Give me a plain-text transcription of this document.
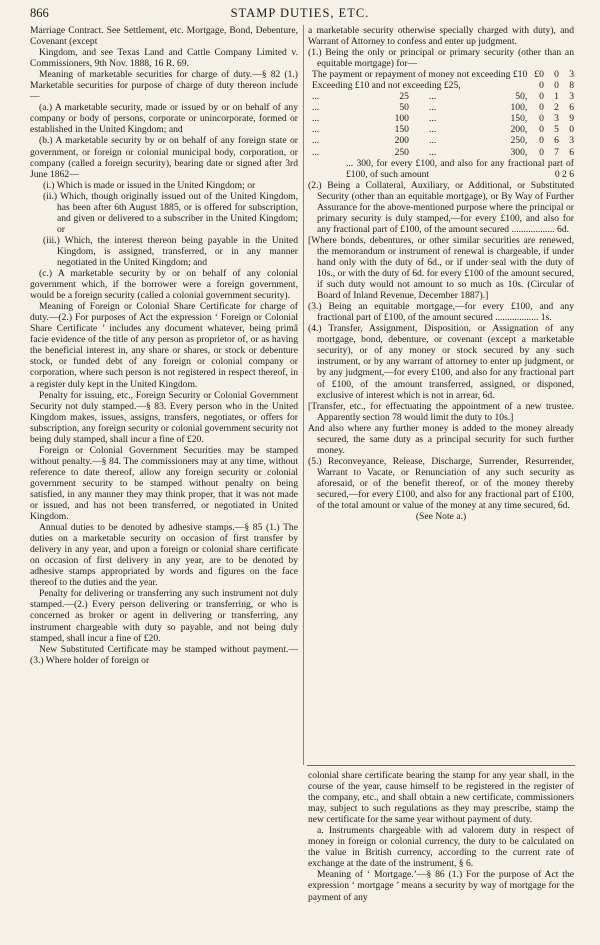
866	STAMP DUTIES, ETC.

Marriage Contract. See Settlement, etc. Mortgage, Bond, Debenture, Covenant (except

Kingdom, and see Texas Land and Cattle Company Limited v. Commissioners, 9th Nov. 1888, 16 R. 69.

Meaning of marketable securities for charge of duty.—§ 82 (1.) Marketable securities for purpose of charge of duty thereon include—

(a.) A marketable security, made or issued by or on behalf of any company or body of persons, corporate or unincorporate, formed or established in the United Kingdom; and

(b.) A marketable security by or on behalf of any foreign state or government, or foreign or colonial municipal body, corporation, or company (called a foreign security), bearing date or signed after 3rd June 1862—

(i.) Which is made or issued in the United Kingdom; or

(ii.) Which, though originally issued out of the United Kingdom, has been after 6th August 1885, or is offered for subscription, and given or delivered to a subscriber in the United Kingdom; or

(iii.) Which, the interest thereon being payable in the United Kingdom, is assigned, transferred, or in any manner negotiated in the United Kingdom; and

(c.) A marketable security by or on behalf of any colonial government which, if the borrower were a foreign government, would be a foreign security (called a colonial government security).

Meaning of Foreign or Colonial Share Certificate for charge of duty.—(2.) For purposes of Act the expression ‘ Foreign or Colonial Share Certificate ’ includes any document whatever, being primâ facie evidence of the title of any person as proprietor of, or as having the beneficial interest in, any share or shares, or stock or debenture stock, or funded debt of any foreign or colonial company or corporation, where such person is not registered in respect thereof, in a register duly kept in the United Kingdom.

Penalty for issuing, etc., Foreign Security or Colonial Government Security not duly stamped.—§ 83. Every person who in the United Kingdom makes, issues, assigns, transfers, negotiates, or offers for subscription, any foreign security or colonial government security not being duly stamped, shall incur a fine of £20.

Foreign or Colonial Government Securities may be stamped without penalty.—§ 84. The commissioners may at any time, without reference to date thereof, allow any foreign security or colonial government security to be stamped without penalty on being satisfied, in any manner they may think proper, that it was not made or issued, and has not been transferred, or negotiated in United Kingdom.

Annual duties to be denoted by adhesive stamps.—§ 85 (1.) The duties on a marketable security on occasion of first transfer by delivery in any year, and upon a foreign or colonial share certificate on occasion of first delivery in any year, are to be denoted by adhesive stamps appropriated by words and figures on the face thereof to the duties and the year.

Penalty for delivering or transferring any such instrument not duly stamped.—(2.) Every person delivering or transferring, or who is concerned as broker or agent in delivering or transferring, any instrument chargeable with duty so payable, and not being duly stamped, shall incur a fine of £20.

New Substituted Certificate may be stamped without payment.—(3.) Where holder of foreign or

a marketable security otherwise specially charged with duty), and Warrant of Attorney to confess and enter up judgment.

(1.) Being the only or principal or primary security (other than an equitable mortgage) for—

The payment or repayment of money not exceeding £10				£0	0	3
Exceeding £10 and not exceeding £25,				0	0	8
...	25	...	50,	0	1	3
...	50	...	100,	0	2	6
...	100	...	150,	0	3	9
...	150	...	200,	0	5	0
...	200	...	250,	0	6	3
...	250	...	300,	0	7	6

... 300, for every £100, and also for any fractional part of £100, of such amount	0 2 6

(2.) Being a Collateral, Auxiliary, or Additional, or Substituted Security (other than an equitable mortgage), or By Way of Further Assurance for the above-mentioned purpose where the principal or primary security is duly stamped,—for every £100, and also for any fractional part of £100, of the amount secured .................. 6d.

[Where bonds, debentures, or other similar securities are renewed, the memorandum or instrument of renewal is chargeable, if under hand only with the duty of 6d., or if under seal with the duty of 10s., or with the duty of 6d. for every £100 of the amount secured, if such duty would not amount to so much as 10s. (Circular of Board of Inland Revenue, December 1887).]

(3.) Being an equitable mortgage,—for every £100, and any fractional part of £100, of the amount secured .................. 1s.

(4.) Transfer, Assignment, Disposition, or Assignation of any mortgage, bond, debenture, or covenant (except a marketable security), or of any money or stock secured by any such instrument, or by any warrant of attorney to enter up judgment, or by any judgment,—for every £100, and also for any fractional part of £100, of the amount transferred, assigned, or disponed, exclusive of interest which is not in arrear, 6d.

[Transfer, etc., for effectuating the appointment of a new trustee. Apparently section 78 would limit the duty to 10s.]

And also where any further money is added to the money already secured, the same duty as a principal security for such further money.

(5.) Reconveyance, Release, Discharge, Surrender, Resurrender, Warrant to Vacate, or Renunciation of any such security as aforesaid, or of the benefit thereof, or of the money thereby secured,—for every £100, and also for any fractional part of £100, of the total amount or value of the money at any time secured, 6d.

(See Note a.)

colonial share certificate bearing the stamp for any year shall, in the course of the year, cause himself to be registered in the register of the company, etc., and shall obtain a new certificate, commissioners may, subject to such regulations as they may prescribe, stamp the new certificate for the same year without payment of duty.

a. Instruments chargeable with ad valorem duty in respect of money in foreign or colonial currency, the duty to be calculated on the value in British currency, according to the current rate of exchange at the date of the instrument, § 6.

Meaning of ‘ Mortgage.’—§ 86 (1.) For the purpose of Act the expression ‘ mortgage ’ means a security by way of mortgage for the payment of any
